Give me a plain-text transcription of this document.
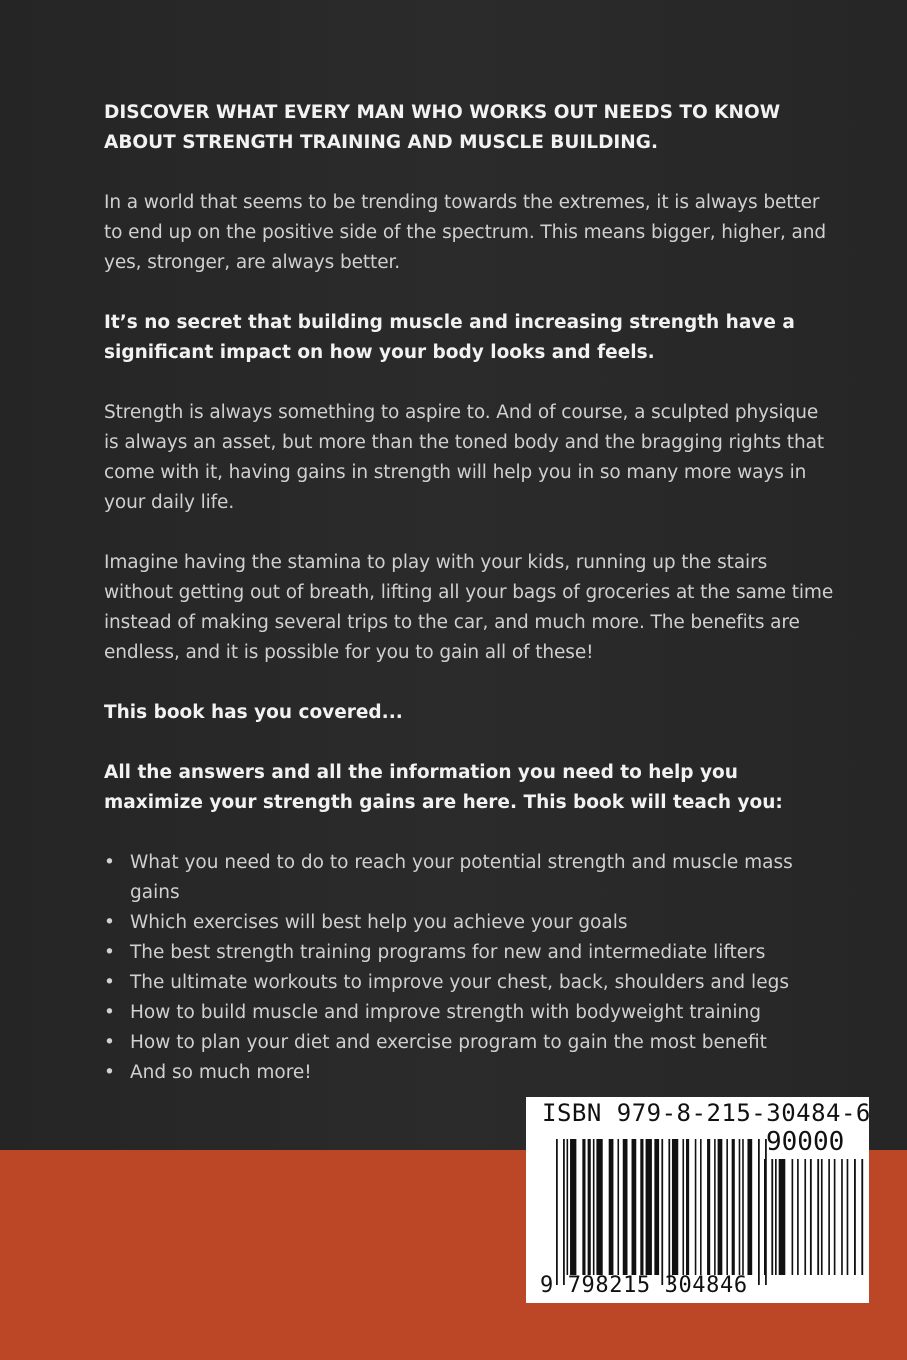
DISCOVER WHAT EVERY MAN WHO WORKS OUT NEEDS TO KNOW ABOUT STRENGTH TRAINING AND MUSCLE BUILDING.

In a world that seems to be trending towards the extremes, it is always better to end up on the positive side of the spectrum. This means bigger, higher, and yes, stronger, are always better.

It’s no secret that building muscle and increasing strength have a significant impact on how your body looks and feels.

Strength is always something to aspire to. And of course, a sculpted physique is always an asset, but more than the toned body and the bragging rights that come with it, having gains in strength will help you in so many more ways in your daily life.

Imagine having the stamina to play with your kids, running up the stairs without getting out of breath, lifting all your bags of groceries at the same time instead of making several trips to the car, and much more. The benefits are endless, and it is possible for you to gain all of these!

This book has you covered...

All the answers and all the information you need to help you maximize your strength gains are here. This book will teach you:

• What you need to do to reach your potential strength and muscle mass gains
• Which exercises will best help you achieve your goals
• The best strength training programs for new and intermediate lifters
• The ultimate workouts to improve your chest, back, shoulders and legs
• How to build muscle and improve strength with bodyweight training
• How to plan your diet and exercise program to gain the most benefit
• And so much more!
ISBN 979-8-215-30484-6
90000
9 798215 304846
